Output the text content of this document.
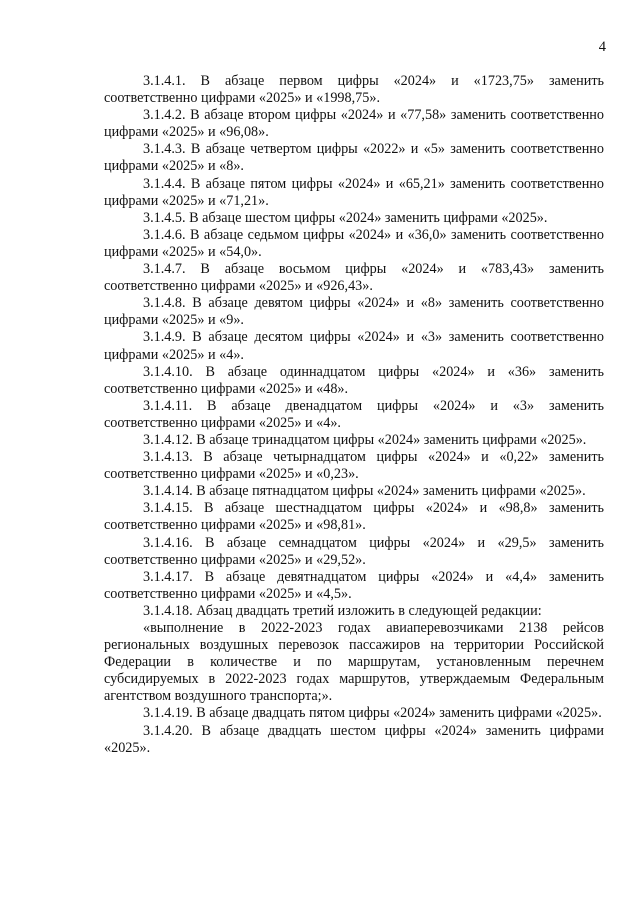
4

3.1.4.1. В абзаце первом цифры «2024» и «1723,75» заменить соответственно цифрами «2025» и «1998,75».

3.1.4.2. В абзаце втором цифры «2024» и «77,58» заменить соответственно цифрами «2025» и «96,08».

3.1.4.3. В абзаце четвертом цифры «2022» и «5» заменить соответственно цифрами «2025» и «8».

3.1.4.4. В абзаце пятом цифры «2024» и «65,21» заменить соответственно цифрами «2025» и «71,21».

3.1.4.5. В абзаце шестом цифры «2024» заменить цифрами «2025».

3.1.4.6. В абзаце седьмом цифры «2024» и «36,0» заменить соответственно цифрами «2025» и «54,0».

3.1.4.7. В абзаце восьмом цифры «2024» и «783,43» заменить соответственно цифрами «2025» и «926,43».

3.1.4.8. В абзаце девятом цифры «2024» и «8» заменить соответственно цифрами «2025» и «9».

3.1.4.9. В абзаце десятом цифры «2024» и «3» заменить соответственно цифрами «2025» и «4».

3.1.4.10. В абзаце одиннадцатом цифры «2024» и «36» заменить соответственно цифрами «2025» и «48».

3.1.4.11. В абзаце двенадцатом цифры «2024» и «3» заменить соответственно цифрами «2025» и «4».

3.1.4.12. В абзаце тринадцатом цифры «2024» заменить цифрами «2025».

3.1.4.13. В абзаце четырнадцатом цифры «2024» и «0,22» заменить соответственно цифрами «2025» и «0,23».

3.1.4.14. В абзаце пятнадцатом цифры «2024» заменить цифрами «2025».

3.1.4.15. В абзаце шестнадцатом цифры «2024» и «98,8» заменить соответственно цифрами «2025» и «98,81».

3.1.4.16. В абзаце семнадцатом цифры «2024» и «29,5» заменить соответственно цифрами «2025» и «29,52».

3.1.4.17. В абзаце девятнадцатом цифры «2024» и «4,4» заменить соответственно цифрами «2025» и «4,5».

3.1.4.18. Абзац двадцать третий изложить в следующей редакции:

«выполнение в 2022-2023 годах авиаперевозчиками 2138 рейсов региональных воздушных перевозок пассажиров на территории Российской Федерации в количестве и по маршрутам, установленным перечнем субсидируемых в 2022-2023 годах маршрутов, утверждаемым Федеральным агентством воздушного транспорта;».

3.1.4.19. В абзаце двадцать пятом цифры «2024» заменить цифрами «2025».

3.1.4.20. В абзаце двадцать шестом цифры «2024» заменить цифрами «2025».
